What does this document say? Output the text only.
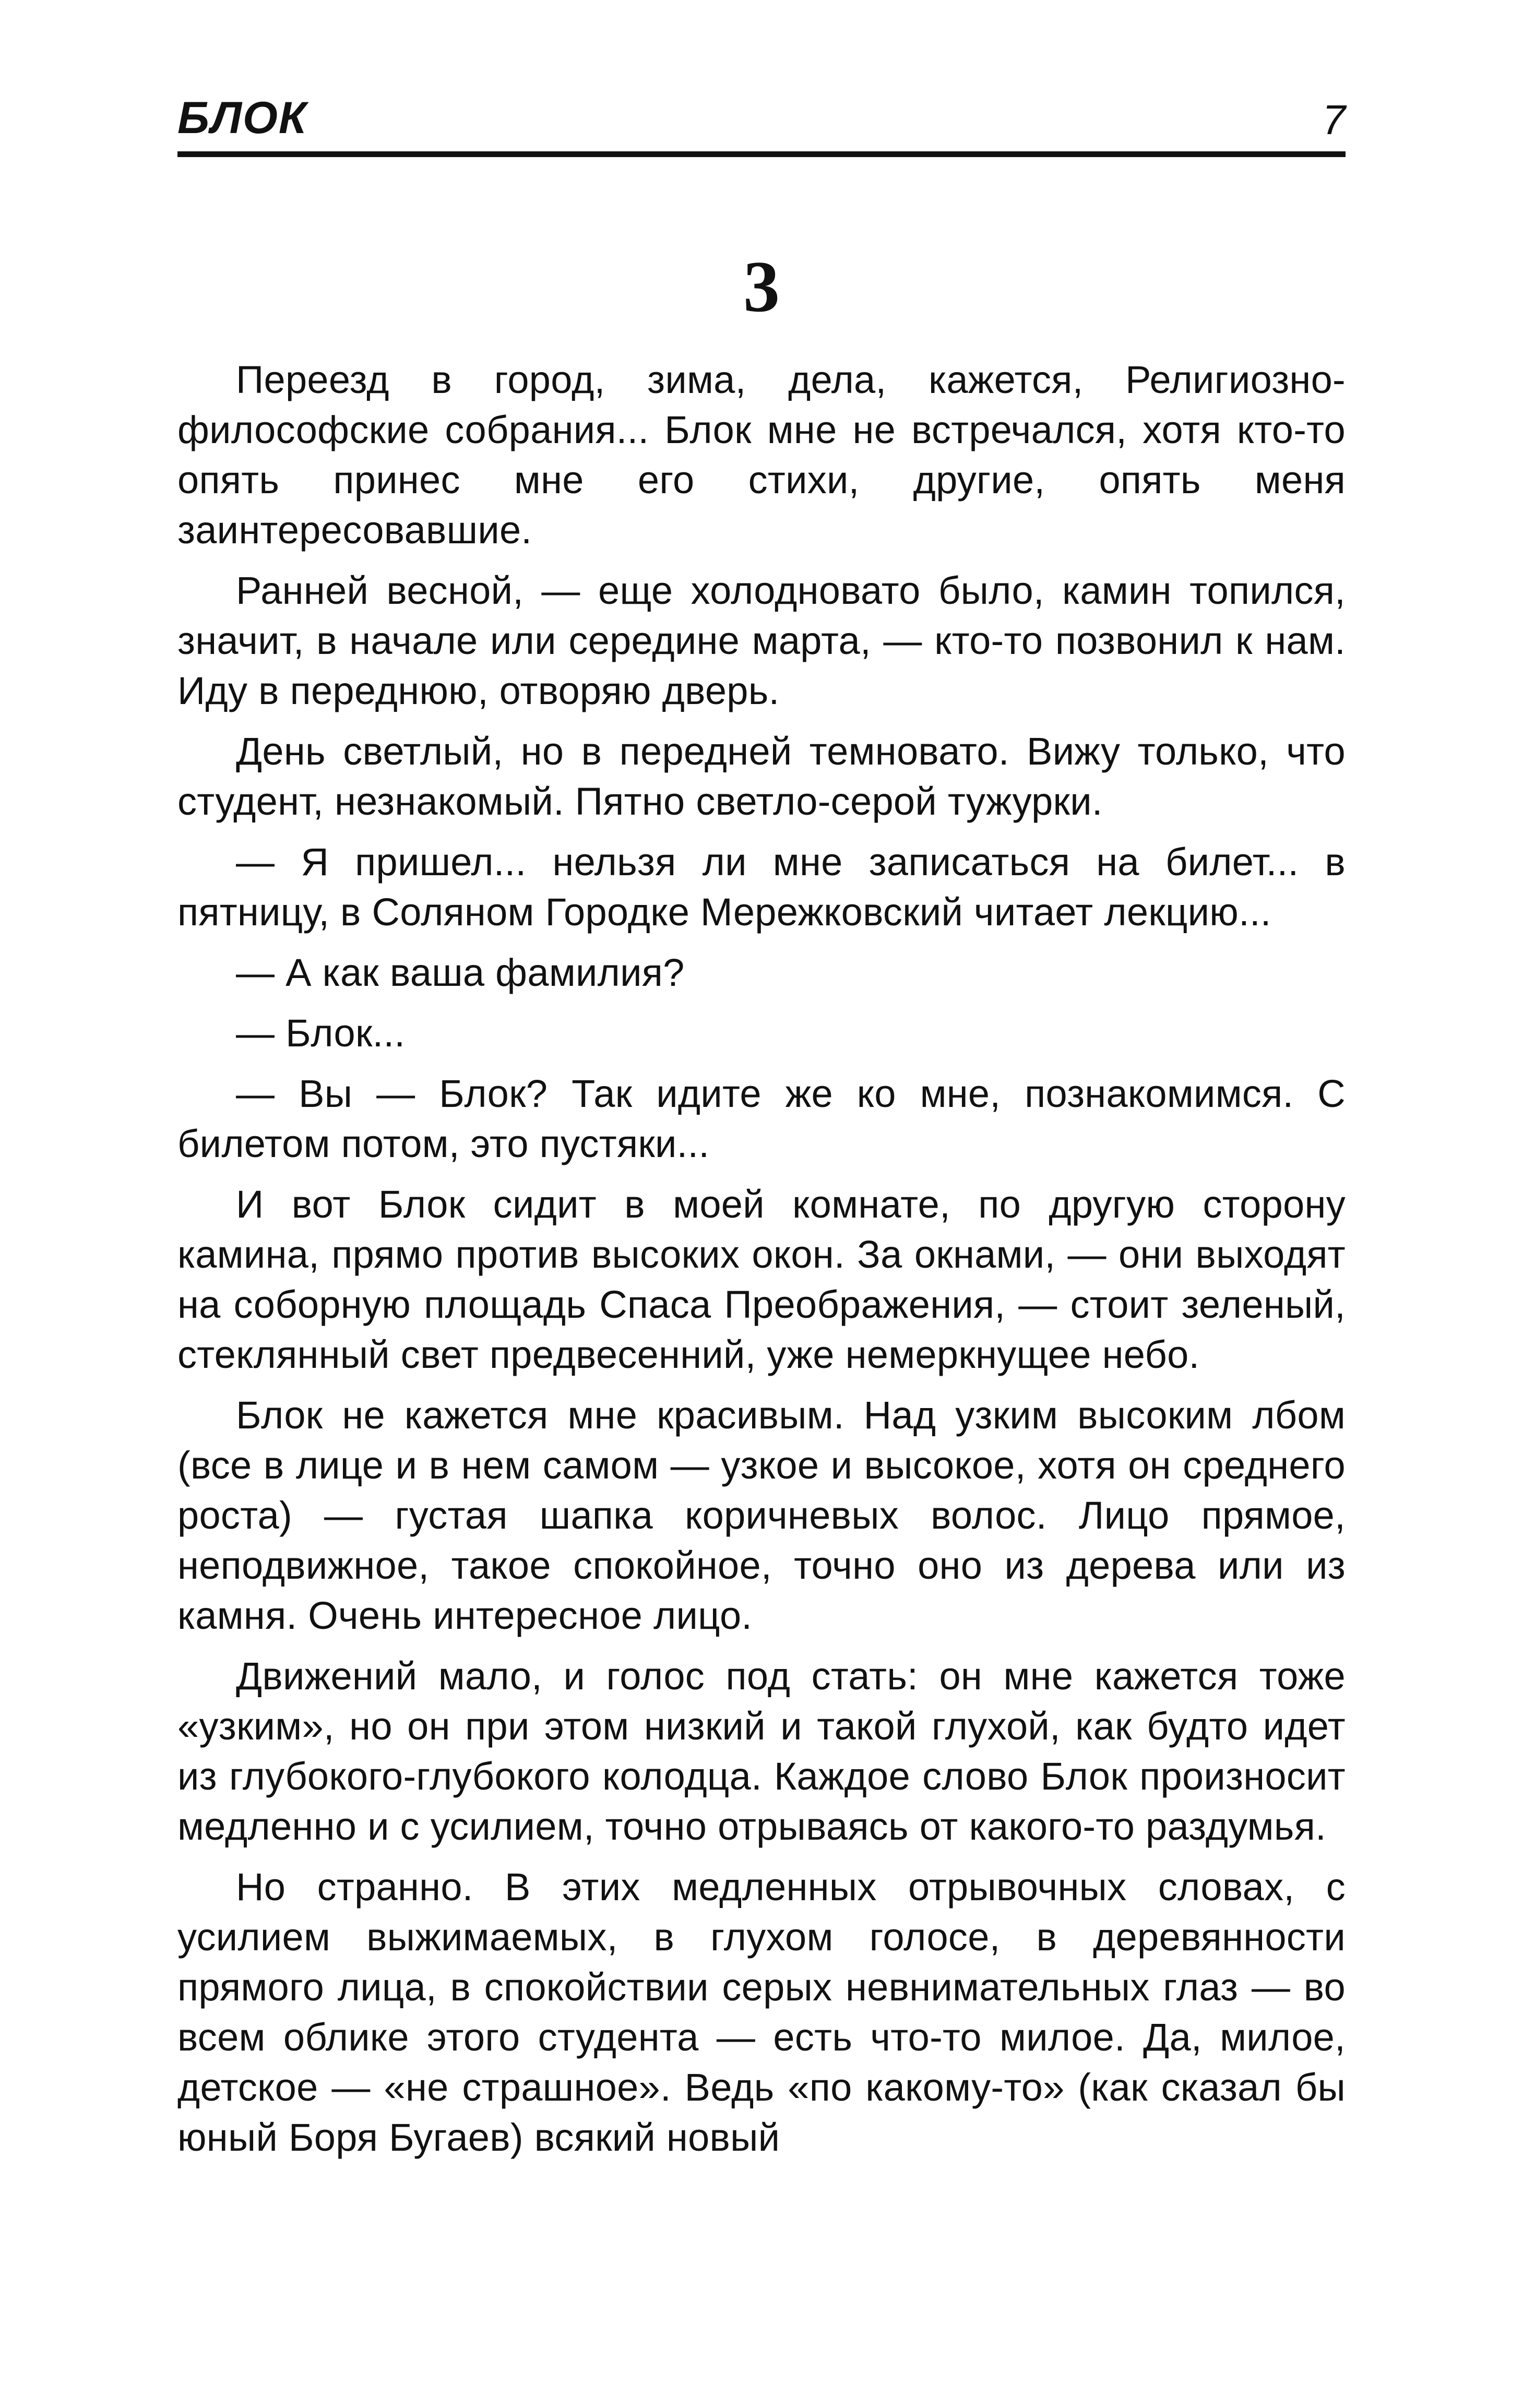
БЛОК	7
3

Переезд в город, зима, дела, кажется, Религиозно-философские собрания... Блок мне не встречался, хотя кто-то опять принес мне его стихи, другие, опять меня заинтересовавшие.

Ранней весной, — еще холодновато было, камин топился, значит, в начале или середине марта, — кто-то позвонил к нам. Иду в переднюю, отворяю дверь.

День светлый, но в передней темновато. Вижу только, что студент, незнакомый. Пятно светло-серой тужурки.

— Я пришел... нельзя ли мне записаться на билет... в пятницу, в Соляном Городке Мережковский читает лекцию...

— А как ваша фамилия?

— Блок...

— Вы — Блок? Так идите же ко мне, познакомимся. С билетом потом, это пустяки...

И вот Блок сидит в моей комнате, по другую сторону камина, прямо против высоких окон. За окнами, — они выходят на соборную площадь Спаса Преображения, — стоит зеленый, стеклянный свет предвесенний, уже немеркнущее небо.

Блок не кажется мне красивым. Над узким высоким лбом (все в лице и в нем самом — узкое и высокое, хотя он среднего роста) — густая шапка коричневых волос. Лицо прямое, неподвижное, такое спокойное, точно оно из дерева или из камня. Очень интересное лицо.

Движений мало, и голос под стать: он мне кажется тоже «узким», но он при этом низкий и такой глухой, как будто идет из глубокого-глубокого колодца. Каждое слово Блок произносит медленно и с усилием, точно отрываясь от какого-то раздумья.

Но странно. В этих медленных отрывочных словах, с усилием выжимаемых, в глухом голосе, в деревянности прямого лица, в спокойствии серых невнимательных глаз — во всем облике этого студента — есть что-то милое. Да, милое, детское — «не страшное». Ведь «по какому-то» (как сказал бы юный Боря Бугаев) всякий новый
